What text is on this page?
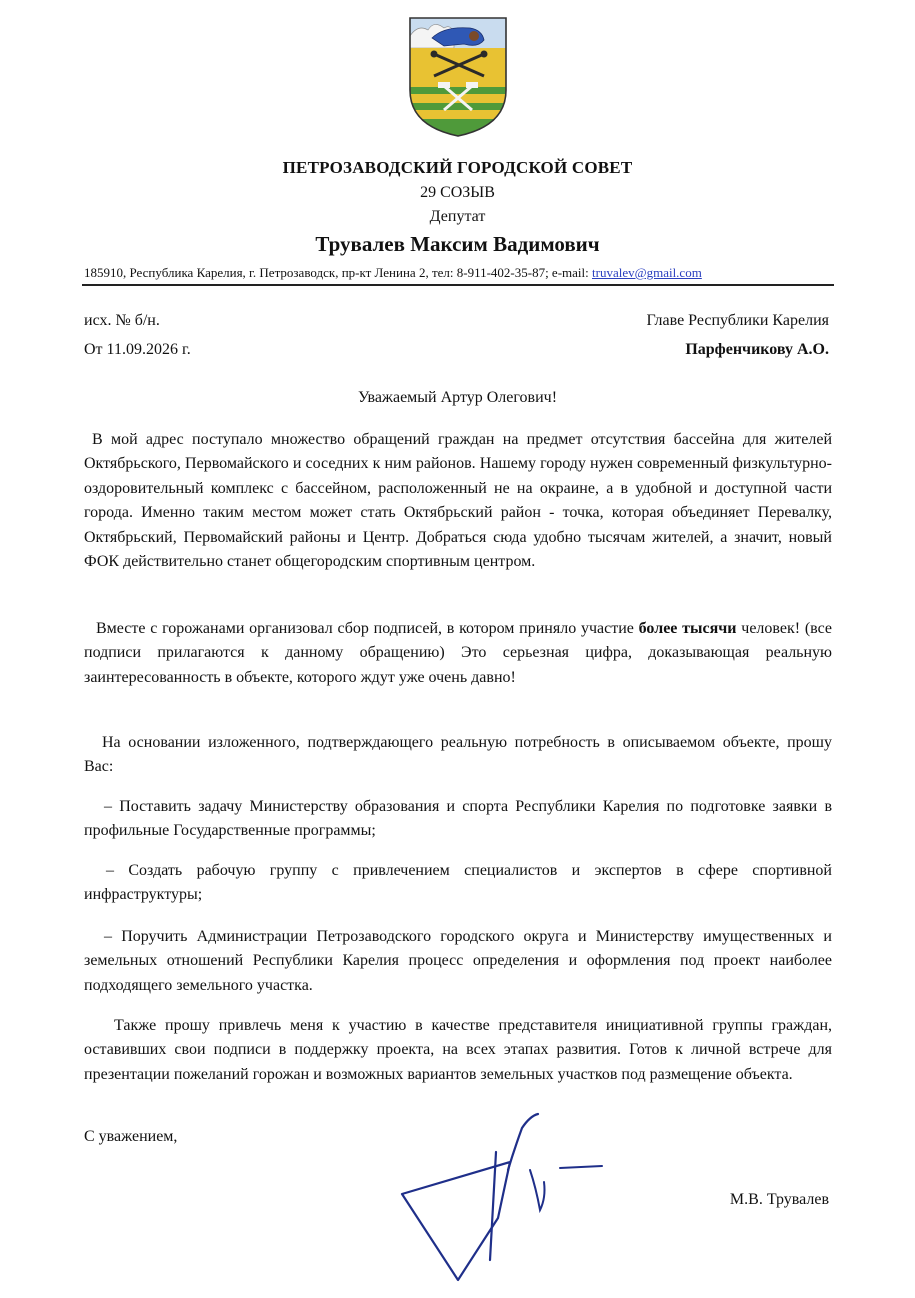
ПЕТРОЗАВОДСКИЙ ГОРОДСКОЙ СОВЕТ
29 СОЗЫВ
Депутат
Трувалев Максим Вадимович
185910, Республика Карелия, г. Петрозаводск, пр-кт Ленина 2, тел: 8-911-402-35-87; e-mail: truvalev@gmail.com
исх. № б/н.
От 11.09.2026 г.
Главе Республики Карелия
Парфенчикову А.О.
Уважаемый Артур Олегович!
В мой адрес поступало множество обращений граждан на предмет отсутствия бассейна для жителей Октябрьского, Первомайского и соседних к ним районов. Нашему городу нужен современный физкультурно-оздоровительный комплекс с бассейном, расположенный не на окраине, а в удобной и доступной части города. Именно таким местом может стать Октябрьский район - точка, которая объединяет Перевалку, Октябрьский, Первомайский районы и Центр. Добраться сюда удобно тысячам жителей, а значит, новый ФОК действительно станет общегородским спортивным центром.
Вместе с горожанами организовал сбор подписей, в котором приняло участие более тысячи человек! (все подписи прилагаются к данному обращению) Это серьезная цифра, доказывающая реальную заинтересованность в объекте, которого ждут уже очень давно!
На основании изложенного, подтверждающего реальную потребность в описываемом объекте, прошу Вас:
– Поставить задачу Министерству образования и спорта Республики Карелия по подготовке заявки в профильные Государственные программы;
– Создать рабочую группу с привлечением специалистов и экспертов в сфере спортивной инфраструктуры;
– Поручить Администрации Петрозаводского городского округа и Министерству имущественных и земельных отношений Республики Карелия процесс определения и оформления под проект наиболее подходящего земельного участка.
Также прошу привлечь меня к участию в качестве представителя инициативной группы граждан, оставивших свои подписи в поддержку проекта, на всех этапах развития. Готов к личной встрече для презентации пожеланий горожан и возможных вариантов земельных участков под размещение объекта.
С уважением,
М.В. Трувалев
